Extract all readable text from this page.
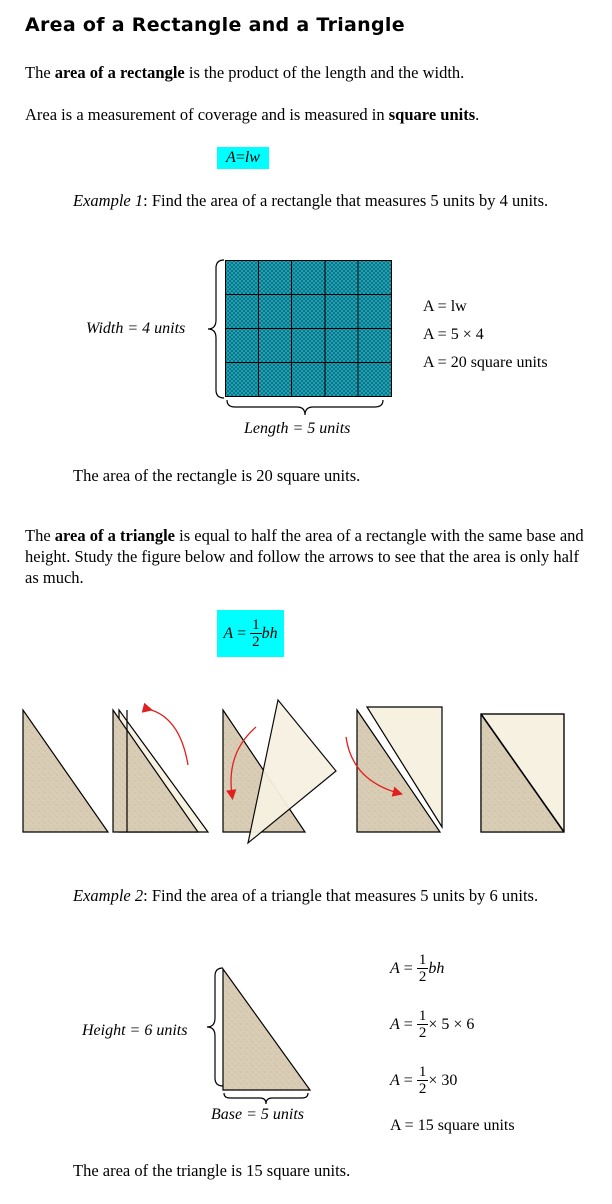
Area of a Rectangle and a Triangle
The area of a rectangle is the product of the length and the width.
Area is a measurement of coverage and is measured in square units.
A = lw
Example 1: Find the area of a rectangle that measures 5 units by 4 units.
Width = 4 units
Length = 5 units
A = lw
A = 5 × 4
A = 20 square units
The area of the rectangle is 20 square units.
The area of a triangle is equal to half the area of a rectangle with the same base and height. Study the figure below and follow the arrows to see that the area is only half as much.
$A = \frac{1}{2}$ bh
Example 2: Find the area of a triangle that measures 5 units by 6 units.
Height = 6 units
Base = 5 units
$A = \frac{1}{2}$ bh
$A = \frac{1}{2} \times 5 \times 6$
$A = \frac{1}{2} \times 30$
A = 15 square units
The area of the triangle is 15 square units.
